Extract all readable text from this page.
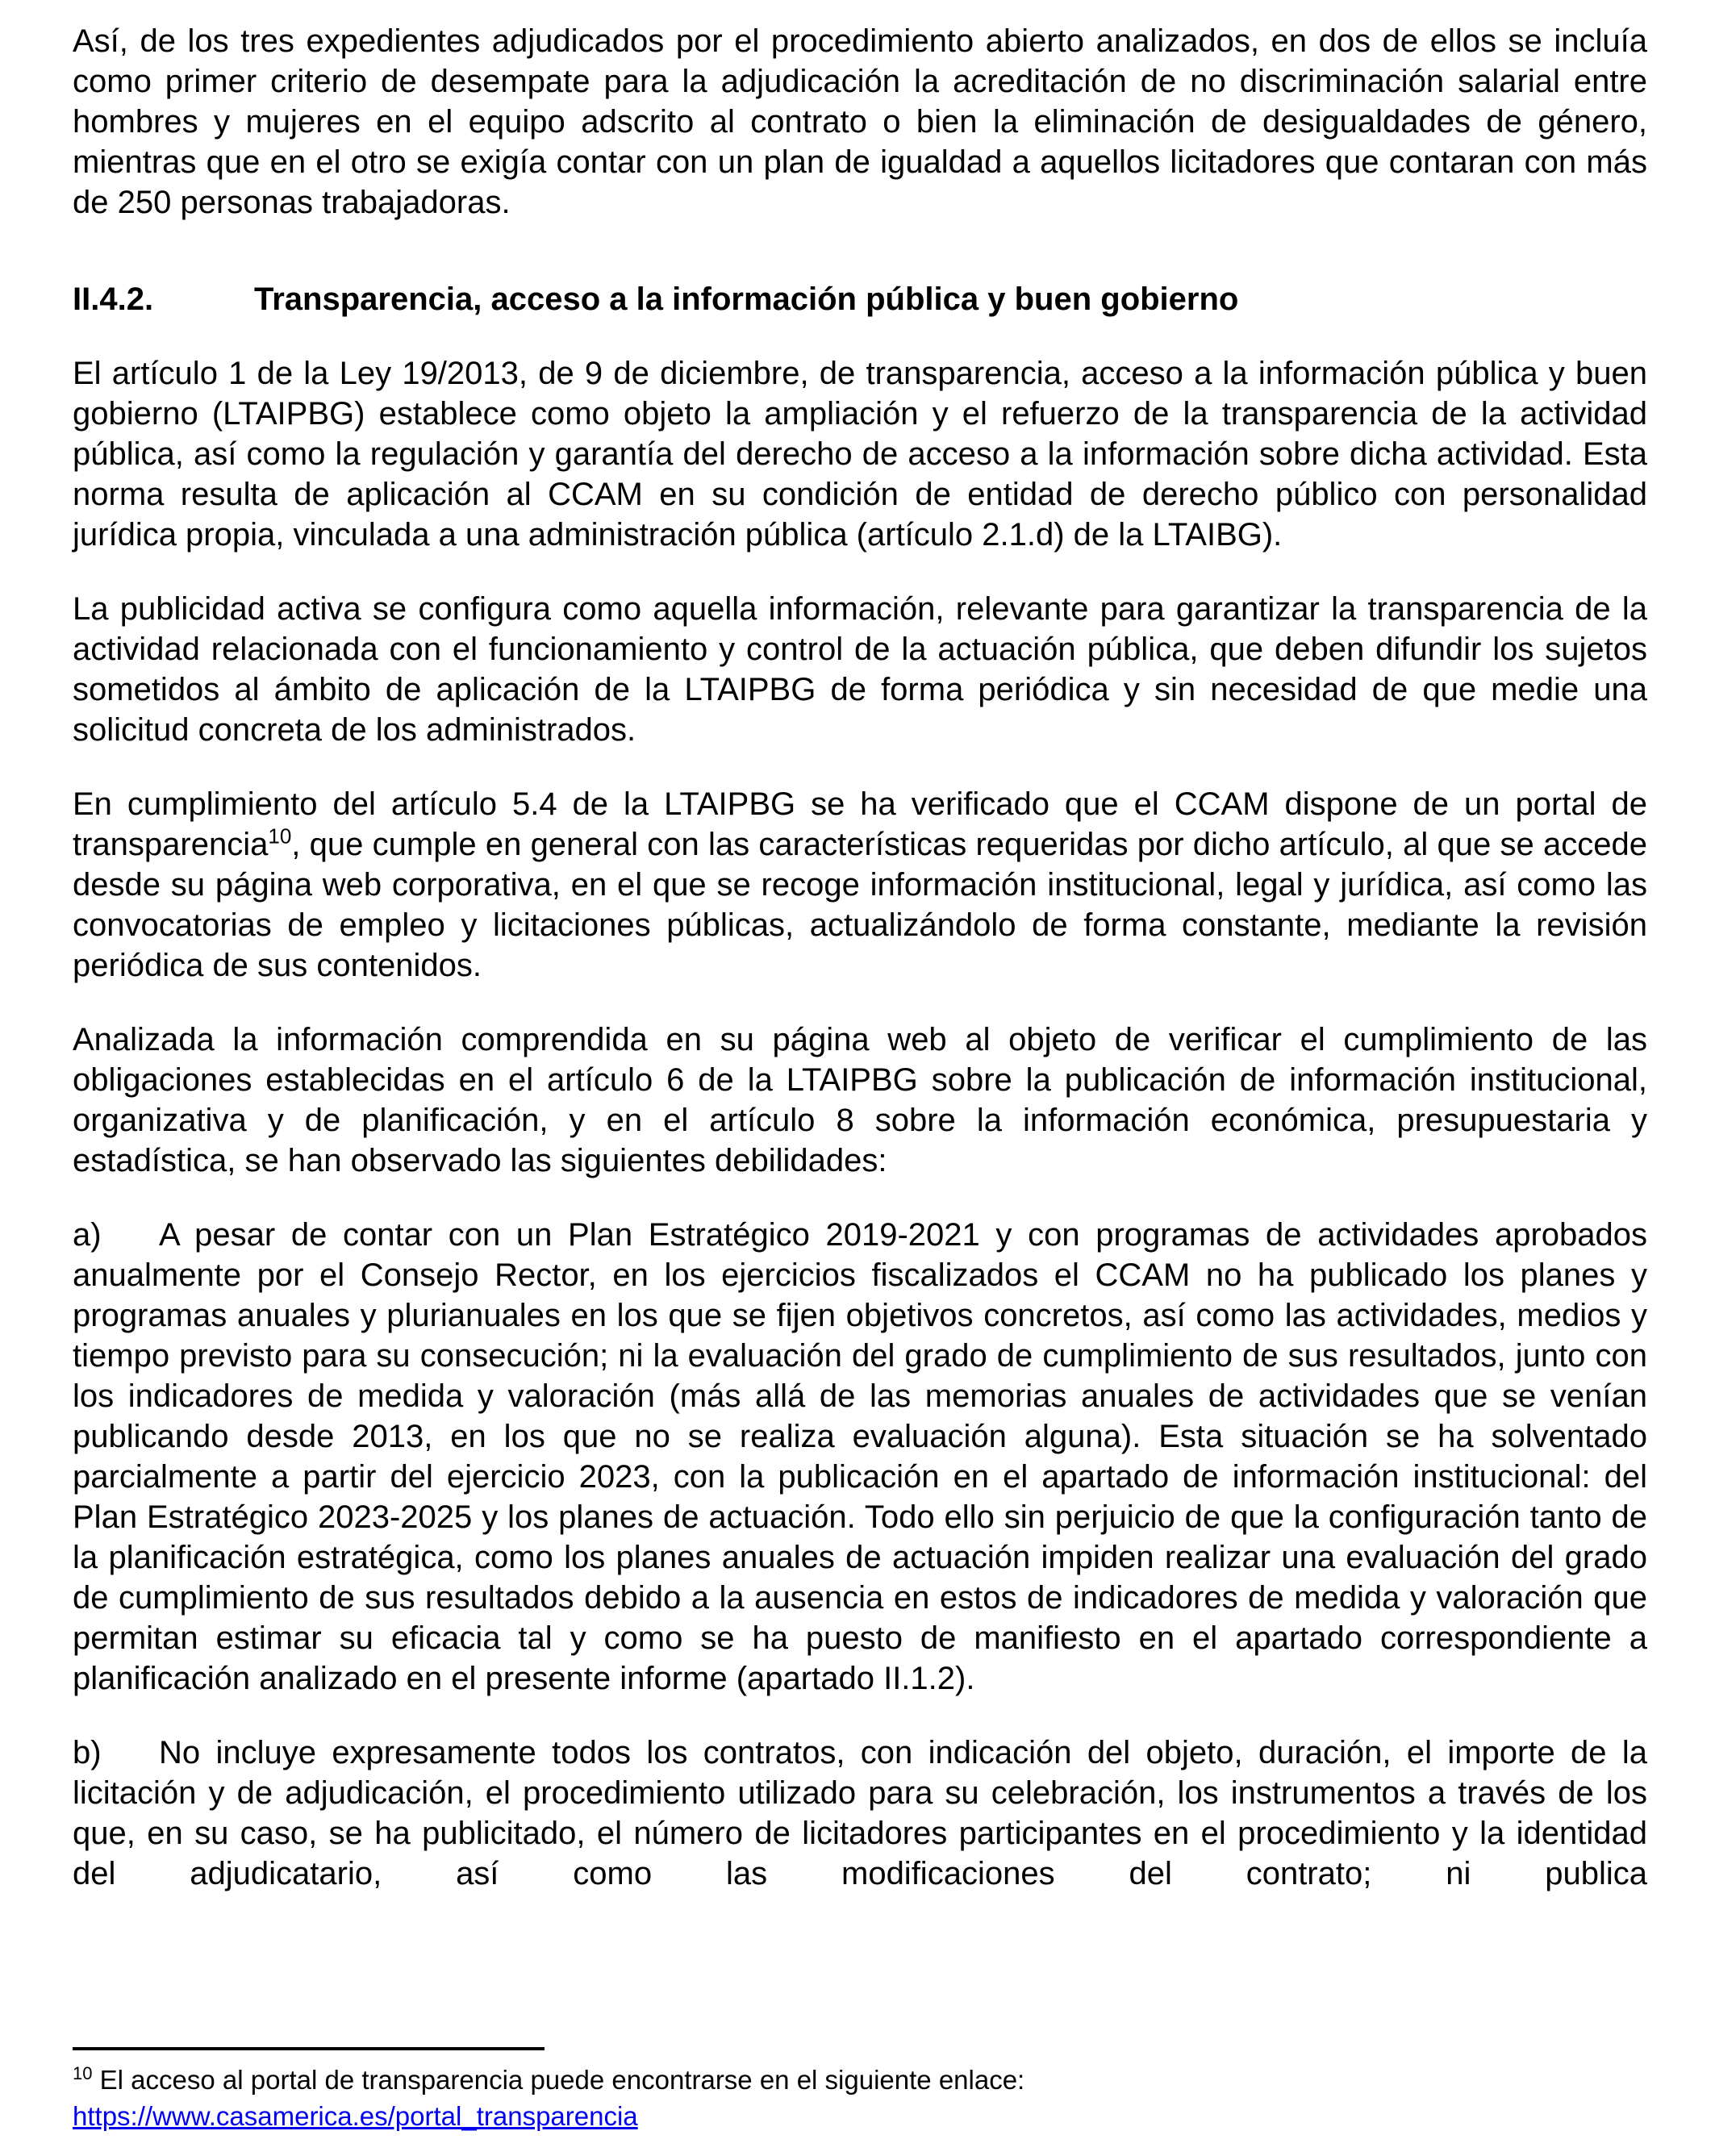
Así, de los tres expedientes adjudicados por el procedimiento abierto analizados, en dos de ellos se incluía como primer criterio de desempate para la adjudicación la acreditación de no discriminación salarial entre hombres y mujeres en el equipo adscrito al contrato o bien la eliminación de desigualdades de género, mientras que en el otro se exigía contar con un plan de igualdad a aquellos licitadores que contaran con más de 250 personas trabajadoras.

II.4.2.	Transparencia, acceso a la información pública y buen gobierno

El artículo 1 de la Ley 19/2013, de 9 de diciembre, de transparencia, acceso a la información pública y buen gobierno (LTAIPBG) establece como objeto la ampliación y el refuerzo de la transparencia de la actividad pública, así como la regulación y garantía del derecho de acceso a la información sobre dicha actividad. Esta norma resulta de aplicación al CCAM en su condición de entidad de derecho público con personalidad jurídica propia, vinculada a una administración pública (artículo 2.1.d) de la LTAIBG).

La publicidad activa se configura como aquella información, relevante para garantizar la transparencia de la actividad relacionada con el funcionamiento y control de la actuación pública, que deben difundir los sujetos sometidos al ámbito de aplicación de la LTAIPBG de forma periódica y sin necesidad de que medie una solicitud concreta de los administrados.

En cumplimiento del artículo 5.4 de la LTAIPBG se ha verificado que el CCAM dispone de un portal de transparencia$^{10}$, que cumple en general con las características requeridas por dicho artículo, al que se accede desde su página web corporativa, en el que se recoge información institucional, legal y jurídica, así como las convocatorias de empleo y licitaciones públicas, actualizándolo de forma constante, mediante la revisión periódica de sus contenidos.

Analizada la información comprendida en su página web al objeto de verificar el cumplimiento de las obligaciones establecidas en el artículo 6 de la LTAIPBG sobre la publicación de información institucional, organizativa y de planificación, y en el artículo 8 sobre la información económica, presupuestaria y estadística, se han observado las siguientes debilidades:

a) A pesar de contar con un Plan Estratégico 2019-2021 y con programas de actividades aprobados anualmente por el Consejo Rector, en los ejercicios fiscalizados el CCAM no ha publicado los planes y programas anuales y plurianuales en los que se fijen objetivos concretos, así como las actividades, medios y tiempo previsto para su consecución; ni la evaluación del grado de cumplimiento de sus resultados, junto con los indicadores de medida y valoración (más allá de las memorias anuales de actividades que se venían publicando desde 2013, en los que no se realiza evaluación alguna). Esta situación se ha solventado parcialmente a partir del ejercicio 2023, con la publicación en el apartado de información institucional: del Plan Estratégico 2023-2025 y los planes de actuación. Todo ello sin perjuicio de que la configuración tanto de la planificación estratégica, como los planes anuales de actuación impiden realizar una evaluación del grado de cumplimiento de sus resultados debido a la ausencia en estos de indicadores de medida y valoración que permitan estimar su eficacia tal y como se ha puesto de manifiesto en el apartado correspondiente a planificación analizado en el presente informe (apartado II.1.2).

b) No incluye expresamente todos los contratos, con indicación del objeto, duración, el importe de la licitación y de adjudicación, el procedimiento utilizado para su celebración, los instrumentos a través de los que, en su caso, se ha publicitado, el número de licitadores participantes en el procedimiento y la identidad del adjudicatario, así como las modificaciones del contrato; ni publica

$^{10}$ El acceso al portal de transparencia puede encontrarse en el siguiente enlace:
https://www.casamerica.es/portal_transparencia
